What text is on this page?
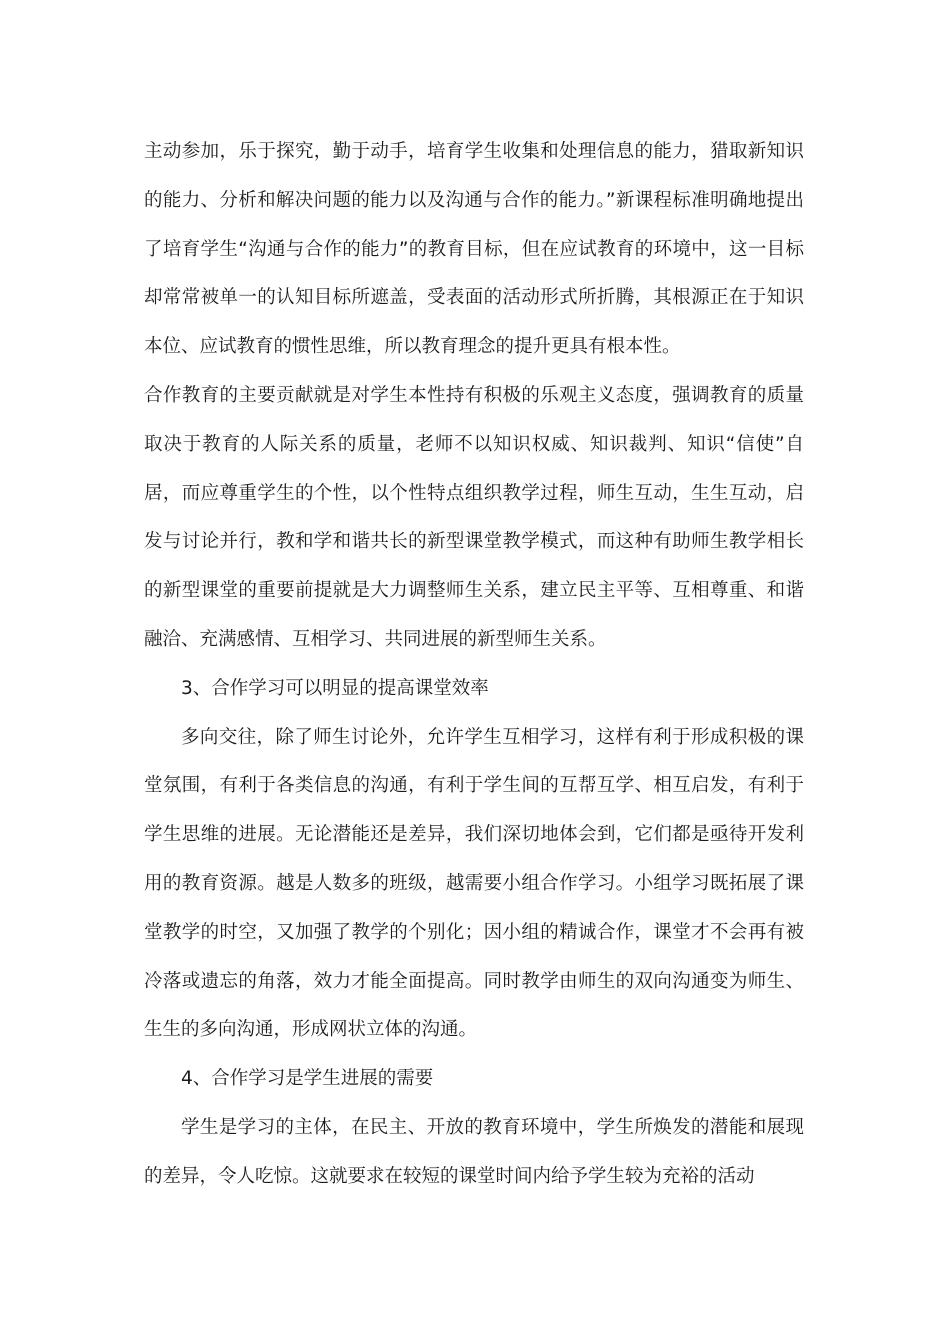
主动参加，乐于探究，勤于动手，培育学生收集和处理信息的能力，猎取新知识的能力、分析和解决问题的能力以及沟通与合作的能力。”新课程标准明确地提出了培育学生“沟通与合作的能力”的教育目标，但在应试教育的环境中，这一目标却常常被单一的认知目标所遮盖，受表面的活动形式所折腾，其根源正在于知识本位、应试教育的惯性思维，所以教育理念的提升更具有根本性。

合作教育的主要贡献就是对学生本性持有积极的乐观主义态度，强调教育的质量取决于教育的人际关系的质量，老师不以知识权威、知识裁判、知识“信使”自居，而应尊重学生的个性，以个性特点组织教学过程，师生互动，生生互动，启发与讨论并行，教和学和谐共长的新型课堂教学模式，而这种有助师生教学相长的新型课堂的重要前提就是大力调整师生关系，建立民主平等、互相尊重、和谐融洽、充满感情、互相学习、共同进展的新型师生关系。

3、合作学习可以明显的提高课堂效率

多向交往，除了师生讨论外，允许学生互相学习，这样有利于形成积极的课堂氛围，有利于各类信息的沟通，有利于学生间的互帮互学、相互启发，有利于学生思维的进展。无论潜能还是差异，我们深切地体会到，它们都是亟待开发利用的教育资源。越是人数多的班级，越需要小组合作学习。小组学习既拓展了课堂教学的时空，又加强了教学的个别化；因小组的精诚合作，课堂才不会再有被冷落或遗忘的角落，效力才能全面提高。同时教学由师生的双向沟通变为师生、生生的多向沟通，形成网状立体的沟通。

4、合作学习是学生进展的需要

学生是学习的主体，在民主、开放的教育环境中，学生所焕发的潜能和展现的差异，令人吃惊。这就要求在较短的课堂时间内给予学生较为充裕的活动
